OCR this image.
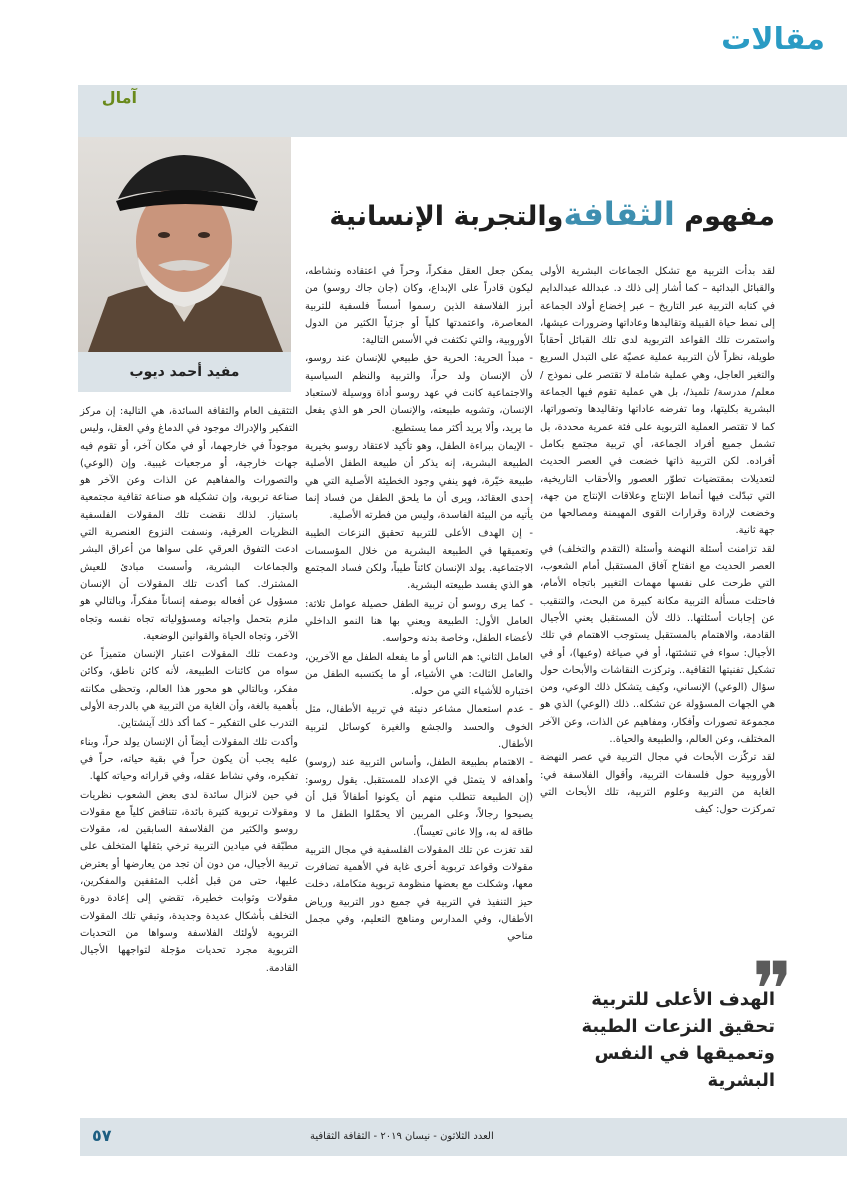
مقالات
آمال
مفيد أحمد ديوب
مفهوم الثقافةوالتجربة الإنسانية

لقد بدأت التربية مع تشكل الجماعات البشرية الأولى والقبائل البدائية – كما أشار إلى ذلك د. عبدالله عبدالدايم في كتابه التربية عبر التاريخ – عبر إخضاع أولاد الجماعة إلى نمط حياة القبيلة وتقاليدها وعاداتها وضرورات عيشها، واستمرت تلك القواعد التربوية لدى تلك القبائل أحقاباً طويلة، نظراً لأن التربية عملية عصيّة على التبدل السريع والتغير العاجل، وهي عملية شاملة لا تقتصر على نموذج /معلم/ مدرسة/ تلميذ/، بل هي عملية تقوم فيها الجماعة البشرية بكليتها، وما تفرضه عاداتها وتقاليدها وتصوراتها، كما لا تقتصر العملية التربوية على فئة عمرية محددة، بل تشمل جميع أفراد الجماعة، أي تربية مجتمع بكامل أفراده. لكن التربية ذاتها خضعت في العصر الحديث لتعديلات بمقتضيات تطوّر العصور والأحقاب التاريخية، التي تبدّلت فيها أنماط الإنتاج وعلاقات الإنتاج من جهة، وخضعت لإرادة وقرارات القوى المهيمنة ومصالحها من جهة ثانية.

لقد تزامنت أسئلة النهضة وأسئلة (التقدم والتخلف) في العصر الحديث مع انفتاح آفاق المستقبل أمام الشعوب، التي طرحت على نفسها مهمات التغيير باتجاه الأمام، فاحتلت مسألة التربية مكانة كبيرة من البحث، والتنقيب عن إجابات أسئلتها.. ذلك لأن المستقبل يعني الأجيال القادمة، والاهتمام بالمستقبل يستوجب الاهتمام في تلك الأجيال: سواء في تنشئتها، أو في صياغة (وعيها)، أو في تشكيل تفنيتها الثقافية.. وتركزت النقاشات والأبحاث حول سؤال (الوعي) الإنساني، وكيف يتشكل ذلك الوعي، ومن هي الجهات المسؤولة عن تشكله.. ذلك (الوعي) الذي هو مجموعة تصورات وأفكار، ومفاهيم عن الذات، وعن الآخر المختلف، وعن العالم، والطبيعة والحياة..

لقد تركّزت الأبحاث في مجال التربية في عصر النهضة الأوروبية حول فلسفات التربية، وأقوال الفلاسفة في: الغاية من التربية وعلوم التربية، تلك الأبحاث التي تمركزت حول: كيف

يمكن جعل العقل مفكراً، وحراً في اعتقاده ونشاطه، ليكون قادراً على الإبداع، وكان (جان جاك روسو) من أبرز الفلاسفة الذين رسموا أسساً فلسفية للتربية المعاصرة، واعتمدتها كلياً أو جزئياً الكثير من الدول الأوروبية، والتي تكثفت في الأسس التالية:

- مبدأ الحرية: الحرية حق طبيعي للإنسان عند روسو، لأن الإنسان ولد حراً، والتربية والنظم السياسية والاجتماعية كانت في عهد روسو أداة ووسيلة لاستعباد الإنسان، وتشويه طبيعته، والإنسان الحر هو الذي يفعل ما يريد، وألا يريد أكثر مما يستطيع.

- الإيمان ببراءة الطفل، وهو تأكيد لاعتقاد روسو بخيرية الطبيعة البشرية، إنه يذكر أن طبيعة الطفل الأصلية طبيعة خيّرة، فهو ينفي وجود الخطيئة الأصلية التي هي إحدى العقائد، ويرى أن ما يلحق الطفل من فساد إنما يأتيه من البيئة الفاسدة، وليس من فطرته الأصلية.

- إن الهدف الأعلى للتربية تحقيق النزعات الطيبة وتعميقها في الطبيعة البشرية من خلال المؤسسات الاجتماعية. يولد الإنسان كائناً طيباً، ولكن فساد المجتمع هو الذي يفسد طبيعته البشرية.

- كما يرى روسو أن تربية الطفل حصيلة عوامل ثلاثة: العامل الأول: الطبيعة ويعني بها هنا النمو الداخلي لأعضاء الطفل، وخاصة بدنه وحواسه.

العامل الثاني: هم الناس أو ما يفعله الطفل مع الآخرين، والعامل الثالث: هي الأشياء، أو ما يكتسبه الطفل من اختباره للأشياء التي من حوله.

- عدم استعمال مشاعر دنيئة في تربية الأطفال، مثل الخوف والحسد والجشع والغيرة كوسائل لتربية الأطفال.

- الاهتمام بطبيعة الطفل، وأساس التربية عند (روسو) وأهدافه لا يتمثل في الإعداد للمستقبل. يقول روسو: (إن الطبيعة تتطلب منهم أن يكونوا أطفالاً قبل أن يصبحوا رجالاً، وعلى المربين ألا يحمّلوا الطفل ما لا طاقة له به، وإلا عانى تعيساً).

لقد تغزت عن تلك المقولات الفلسفية في مجال التربية مقولات وقواعد تربوية أخرى غاية في الأهمية تضافرت معها، وشكلت مع بعضها منظومة تربوية متكاملة، دخلت حيز التنفيذ في التربية في جميع دور التربية ورياض الأطفال، وفي المدارس ومناهج التعليم، وفي مجمل مناحي

التثقيف العام والثقافة السائدة، هي التالية: إن مركز التفكير والإدراك موجود في الدماغ وفي العقل، وليس موجوداً في خارجهما، أو في مكان آخر، أو تقوم فيه جهات خارجية، أو مرجعيات غيبية. وإن (الوعي) والتصورات والمفاهيم عن الذات وعن الآخر هو صناعة تربوية، وإن تشكيله هو صناعة ثقافية مجتمعية باستياز. لذلك نقضت تلك المقولات الفلسفية النظريات العرقية، ونسفت النزوع العنصرية التي ادعت التفوق العرقي على سواها من أعراق البشر والجماعات البشرية، وأسست مبادئ للعيش المشترك. كما أكدت تلك المقولات أن الإنسان مسؤول عن أفعاله بوصفه إنساناً مفكراً، وبالتالي هو ملزم بتحمل واجباته ومسؤولياته تجاه نفسه وتجاه الآخر، وتجاه الحياة والقوانين الوضعية.

ودعمت تلك المقولات اعتبار الإنسان متميزاً عن سواه من كائنات الطبيعة، لأنه كائن ناطق، وكائن مفكر، وبالتالي هو محور هذا العالم، وتحظى مكانته بأهمية بالغة، وأن الغاية من التربية هي بالدرجة الأولى التدرب على التفكير – كما أكد ذلك آينشتاين.

وأكدت تلك المقولات أيضاً أن الإنسان يولد حراً، وبناء عليه يجب أن يكون حراً في بقية حياته، حراً في تفكيره، وفي نشاط عقله، وفي قراراته وحياته كلها.

في حين لانزال سائدة لدى بعض الشعوب نظريات ومقولات تربوية كثيرة بائدة، تتناقض كلياً مع مقولات روسو والكثير من الفلاسفة السابقين له، مقولات مطبّقة في ميادين التربية ترخي بثقلها المتخلف على تربية الأجيال، من دون أن تجد من يعارضها أو يعترض عليها، حتى من قبل أغلب المثقفين والمفكرين، مقولات وثوابت خطيرة، تقضي إلى إعادة دورة التخلف بأشكال عديدة وجديدة، وتبقي تلك المقولات التربوية لأولئك الفلاسفة وسواها من التحديات التربوية مجرد تحديات مؤجلة لتواجهها الأجيال القادمة.	❞
الهدف الأعلى للتربية تحقيق النزعات الطيبة وتعميقها في النفس البشرية
العدد الثلاثون - نيسان ٢٠١٩ - الثقافة الثقافية
٥٧
